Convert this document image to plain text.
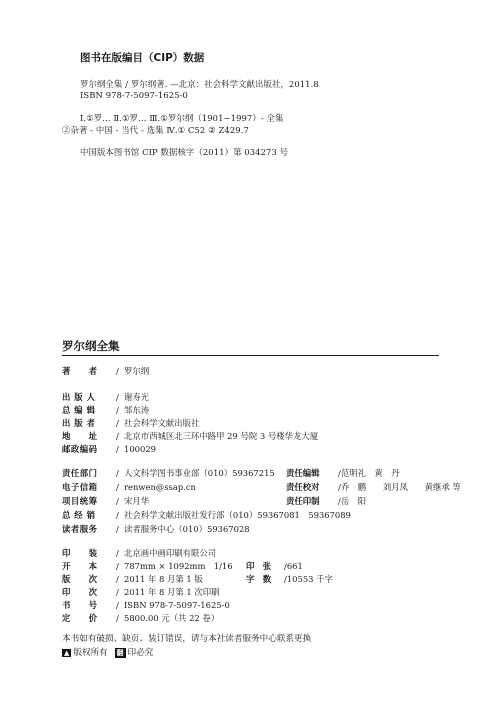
图书在版编目（CIP）数据
罗尔纲全集 / 罗尔纲著. —北京：社会科学文献出版社，2011.8
ISBN 978-7-5097-1625-0
Ⅰ.①罗… Ⅱ.①罗… Ⅲ.①罗尔纲（1901~1997）- 全集
②杂著 - 中国 - 当代 - 选集 Ⅳ.① C52 ② Z429.7
中国版本图书馆 CIP 数据核字（2011）第 034273 号
罗尔纲全集
著　　者 / 罗尔纲
出 版 人 / 谢寿光
总 编 辑 / 邹东涛
出 版 者 / 社会科学文献出版社
地　　址 / 北京市西城区北三环中路甲 29 号院 3 号楼华龙大厦
邮政编码 / 100029
责任部门 / 人文科学图书事业部（010）59367215 责任编辑 /范明礼　黄　丹
电子信箱 / renwen@ssap.cn	责任校对 /乔　鹏　　刘月凤　　黄继承 等
项目统筹 / 宋月华	责任印制 /岳　阳
总 经 销 / 社会科学文献出版社发行部（010）59367081　59367089
读者服务 / 读者服务中心（010）59367028
印　　装 / 北京画中画印刷有限公司
开　　本 / 787mm × 1092mm　1/16 印　张 /661
版　　次 / 2011 年 8 月第 1 版	字　数 /10553 千字
印　　次 / 2011 年 8 月第 1 次印刷
书　　号 / ISBN 978-7-5097-1625-0
定　　价 / 5800.00 元（共 22 卷）
本书如有破损、缺页、装订错误，请与本社读者服务中心联系更换
▲ 版权所有 翻 印必究
